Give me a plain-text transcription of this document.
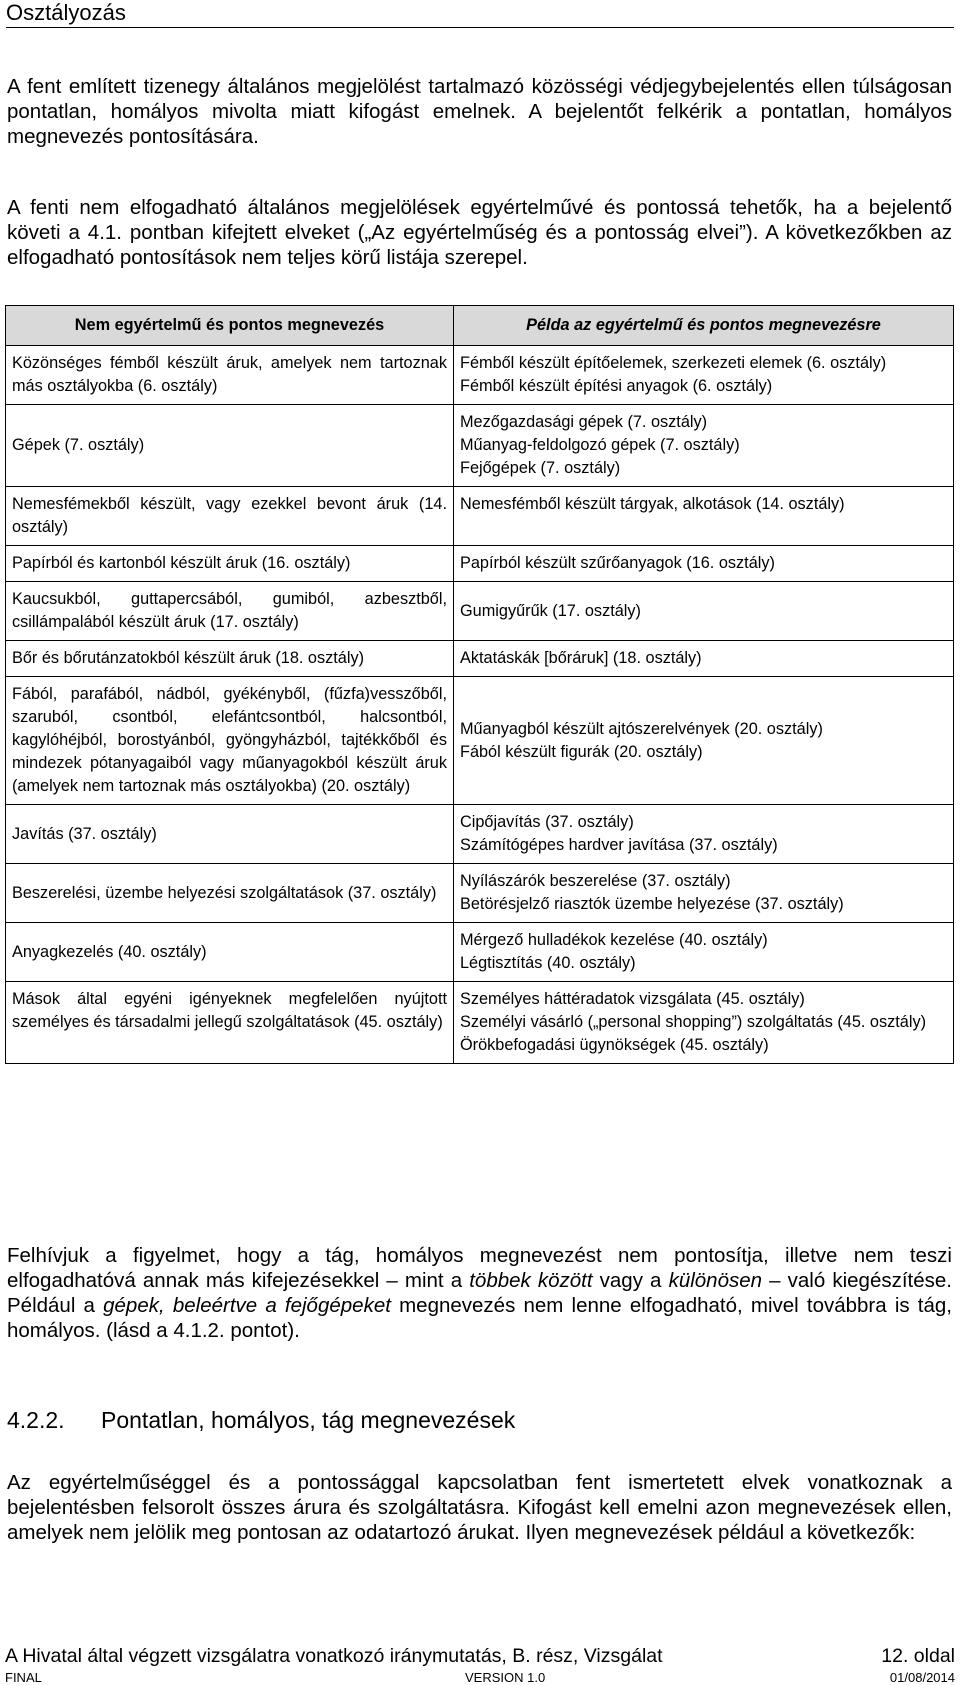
Osztályozás

A fent említett tizenegy általános megjelölést tartalmazó közösségi védjegybejelentés ellen túlságosan pontatlan, homályos mivolta miatt kifogást emelnek. A bejelentőt felkérik a pontatlan, homályos megnevezés pontosítására.

A fenti nem elfogadható általános megjelölések egyértelművé és pontossá tehetők, ha a bejelentő követi a 4.1. pontban kifejtett elveket („Az egyértelműség és a pontosság elvei”). A következőkben az elfogadható pontosítások nem teljes körű listája szerepel.

Nem egyértelmű és pontos megnevezés	Példa az egyértelmű és pontos megnevezésre
Közönséges fémből készült áruk, amelyek nem tartoznak más osztályokba (6. osztály)	Fémből készült építőelemek, szerkezeti elemek (6. osztály)
Fémből készült építési anyagok (6. osztály)

Gépek (7. osztály)	Mezőgazdasági gépek (7. osztály)
Műanyag-feldolgozó gépek (7. osztály)
Fejőgépek (7. osztály)

Nemesfémekből készült, vagy ezekkel bevont áruk (14. osztály)	Nemesfémből készült tárgyak, alkotások (14. osztály)

Papírból és kartonból készült áruk (16. osztály)	Papírból készült szűrőanyagok (16. osztály)

Kaucsukból, guttapercsából, gumiból, azbesztből, csillámpalából készült áruk (17. osztály)	Gumigyűrűk (17. osztály)

Bőr és bőrutánzatokból készült áruk (18. osztály)	Aktatáskák [bőráruk] (18. osztály)

Fából, parafából, nádból, gyékényből, (fűzfa)vesszőből, szaruból, csontból, elefántcsontból, halcsontból, kagylóhéjból, borostyánból, gyöngyházból, tajtékkőből és mindezek pótanyagaiból vagy műanyagokból készült áruk (amelyek nem tartoznak más osztályokba) (20. osztály)	Műanyagból készült ajtószerelvények (20. osztály)
Fából készült figurák (20. osztály)

Javítás (37. osztály)	Cipőjavítás (37. osztály)
Számítógépes hardver javítása (37. osztály)

Beszerelési, üzembe helyezési szolgáltatások (37. osztály)	Nyílászárók beszerelése (37. osztály)
Betörésjelző riasztók üzembe helyezése (37. osztály)

Anyagkezelés (40. osztály)	Mérgező hulladékok kezelése (40. osztály)
Légtisztítás (40. osztály)

Mások által egyéni igényeknek megfelelően nyújtott személyes és társadalmi jellegű szolgáltatások (45. osztály)	Személyes háttéradatok vizsgálata (45. osztály)
Személyi vásárló („personal shopping”) szolgáltatás (45. osztály)
Örökbefogadási ügynökségek (45. osztály)

Felhívjuk a figyelmet, hogy a tág, homályos megnevezést nem pontosítja, illetve nem teszi elfogadhatóvá annak más kifejezésekkel – mint a többek között vagy a különösen – való kiegészítése. Például a gépek, beleértve a fejőgépeket megnevezés nem lenne elfogadható, mivel továbbra is tág, homályos. (lásd a 4.1.2. pontot).

4.2.2. Pontatlan, homályos, tág megnevezések

Az egyértelműséggel és a pontossággal kapcsolatban fent ismertetett elvek vonatkoznak a bejelentésben felsorolt összes árura és szolgáltatásra. Kifogást kell emelni azon megnevezések ellen, amelyek nem jelölik meg pontosan az odatartozó árukat. Ilyen megnevezések például a következők:

A Hivatal által végzett vizsgálatra vonatkozó iránymutatás, B. rész, Vizsgálat	12. oldal
FINAL	VERSION 1.0	01/08/2014
